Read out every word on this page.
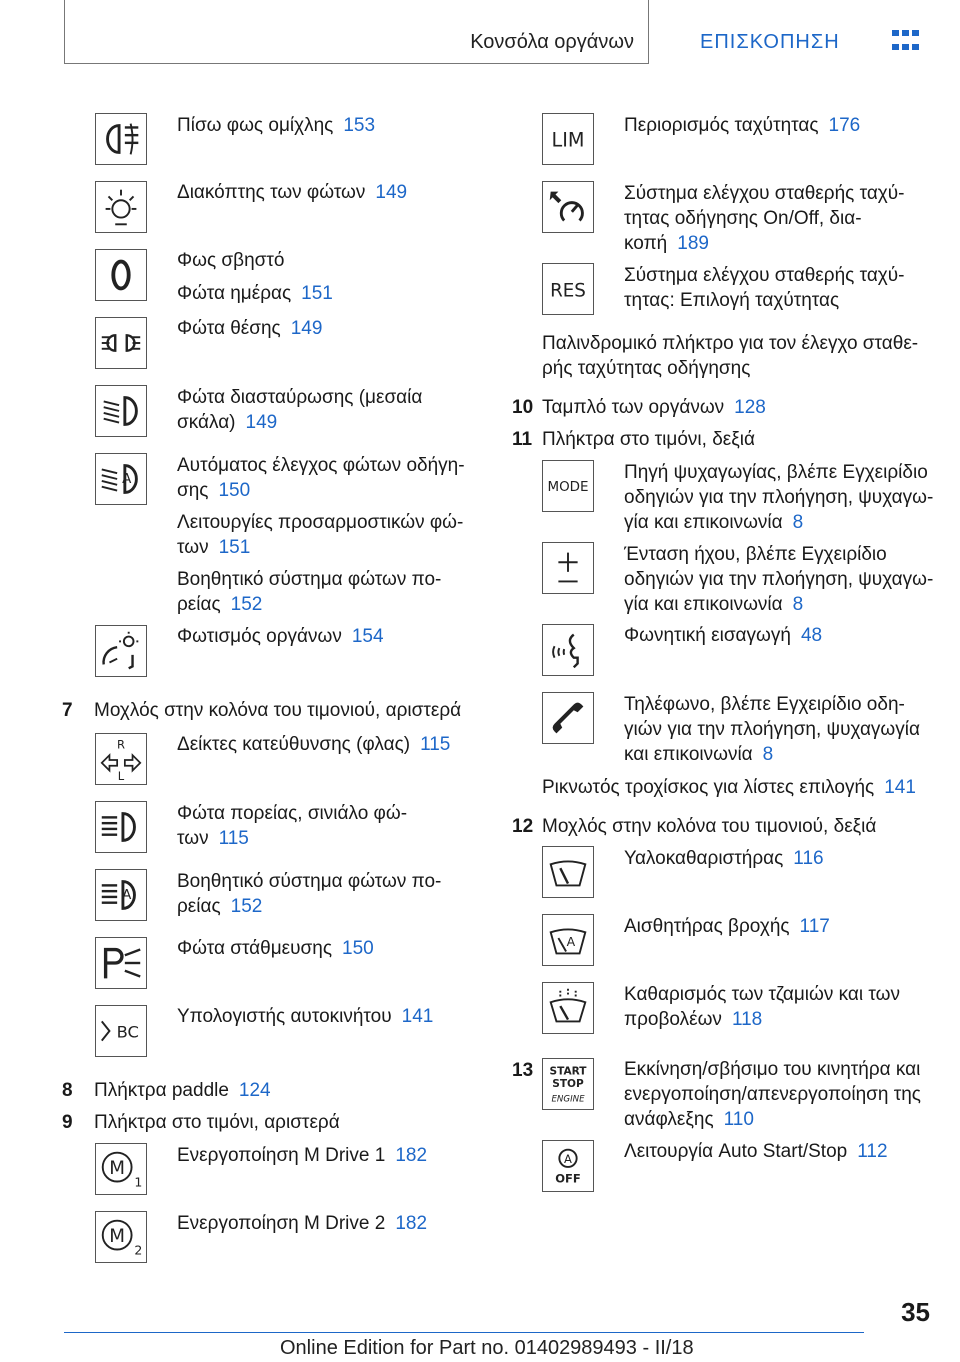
Κονσόλα οργάνων	ΕΠΙΣΚΟΠΗΣΗ
Πίσω φως ομίχλης 153
Διακόπτης των φώτων 149
Φως σβηστό
Φώτα ημέρας 151
Φώτα θέσης 149
Φώτα διασταύρωσης (μεσαία
σκάλα) 149
A
Αυτόματος έλεγχος φώτων οδήγη-
σης 150
Λειτουργίες προσαρμοστικών φώ-
των 151
Βοηθητικό σύστημα φώτων πο-
ρείας 152
Φωτισμός οργάνων 154
7 Μοχλός στην κολόνα του τιμονιού, αριστερά
R
L
Δείκτες κατεύθυνσης (φλας) 115
Φώτα πορείας, σινιάλο φώ-
των 115
A
Βοηθητικό σύστημα φώτων πο-
ρείας 152
Φώτα στάθμευσης 150
BC
Υπολογιστής αυτοκινήτου 141
8 Πλήκτρα paddle 124
9 Πλήκτρα στο τιμόνι, αριστερά
M
1
Ενεργοποίηση M Drive 1 182
M
2
Ενεργοποίηση M Drive 2 182
LIM
Περιορισμός ταχύτητας 176
Σύστημα ελέγχου σταθερής ταχύ-
τητας οδήγησης On/Off, δια-
κοπή 189
RES
Σύστημα ελέγχου σταθερής ταχύ-
τητας: Επιλογή ταχύτητας
Παλινδρομικό πλήκτρο για τον έλεγχο σταθε-
ρής ταχύτητας οδήγησης
10 Ταμπλό των οργάνων 128
11 Πλήκτρα στο τιμόνι, δεξιά
MODE
Πηγή ψυχαγωγίας, βλέπε Εγχειρίδιο
οδηγιών για την πλοήγηση, ψυχαγω-
γία και επικοινωνία 8
Ένταση ήχου, βλέπε Εγχειρίδιο
οδηγιών για την πλοήγηση, ψυχαγω-
γία και επικοινωνία 8
Φωνητική εισαγωγή 48
Τηλέφωνο, βλέπε Εγχειρίδιο οδη-
γιών για την πλοήγηση, ψυχαγωγία
και επικοινωνία 8
Ρικνωτός τροχίσκος για λίστες επιλογής 141
12 Μοχλός στην κολόνα του τιμονιού, δεξιά
Υαλοκαθαριστήρας 116
A
Αισθητήρας βροχής 117
Καθαρισμός των τζαμιών και των
προβολέων 118
13 START
STOP
ENGINE
Εκκίνηση/σβήσιμο του κινητήρα και
ενεργοποίηση/απενεργοποίηση της
ανάφλεξης 110
A
OFF
Λειτουργία Auto Start/Stop 112
35
Online Edition for Part no. 01402989493 - II/18
